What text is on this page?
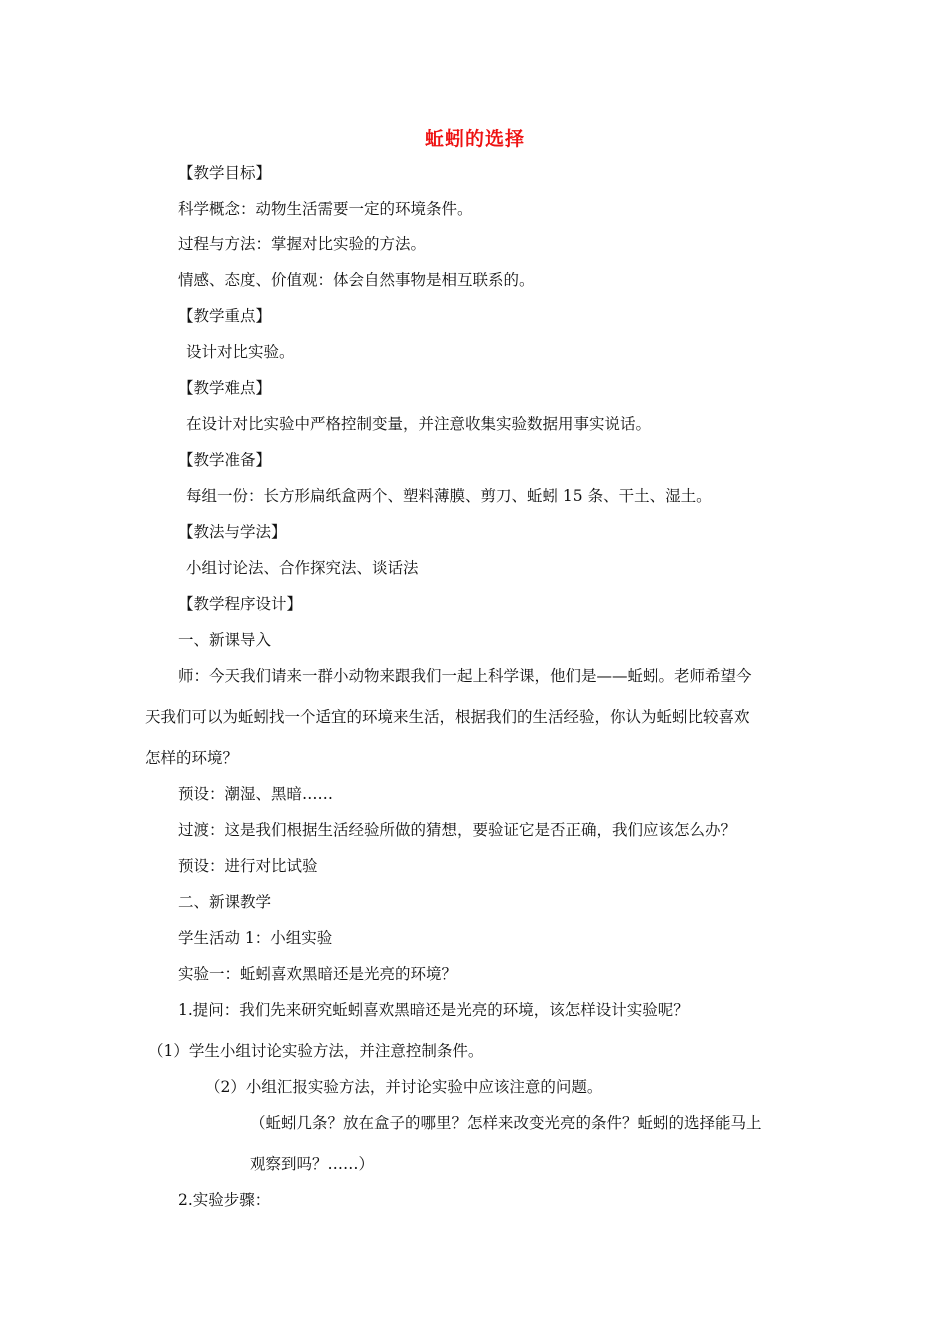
蚯蚓的选择
【教学目标】
科学概念：动物生活需要一定的环境条件。
过程与方法：掌握对比实验的方法。
情感、态度、价值观：体会自然事物是相互联系的。
【教学重点】
设计对比实验。
【教学难点】
在设计对比实验中严格控制变量，并注意收集实验数据用事实说话。
【教学准备】
每组一份：长方形扁纸盒两个、塑料薄膜、剪刀、蚯蚓 15 条、干土、湿土。
【教法与学法】
小组讨论法、合作探究法、谈话法
【教学程序设计】
一、新课导入
师：今天我们请来一群小动物来跟我们一起上科学课，他们是——蚯蚓。老师希望今
天我们可以为蚯蚓找一个适宜的环境来生活，根据我们的生活经验，你认为蚯蚓比较喜欢
怎样的环境？
预设：潮湿、黑暗……
过渡：这是我们根据生活经验所做的猜想，要验证它是否正确，我们应该怎么办？
预设：进行对比试验
二、新课教学
学生活动 1：小组实验
实验一：蚯蚓喜欢黑暗还是光亮的环境？
1.提问：我们先来研究蚯蚓喜欢黑暗还是光亮的环境，该怎样设计实验呢？
（1）学生小组讨论实验方法，并注意控制条件。
（2）小组汇报实验方法，并讨论实验中应该注意的问题。
（蚯蚓几条？放在盒子的哪里？怎样来改变光亮的条件？蚯蚓的选择能马上
观察到吗？……）
2.实验步骤：
